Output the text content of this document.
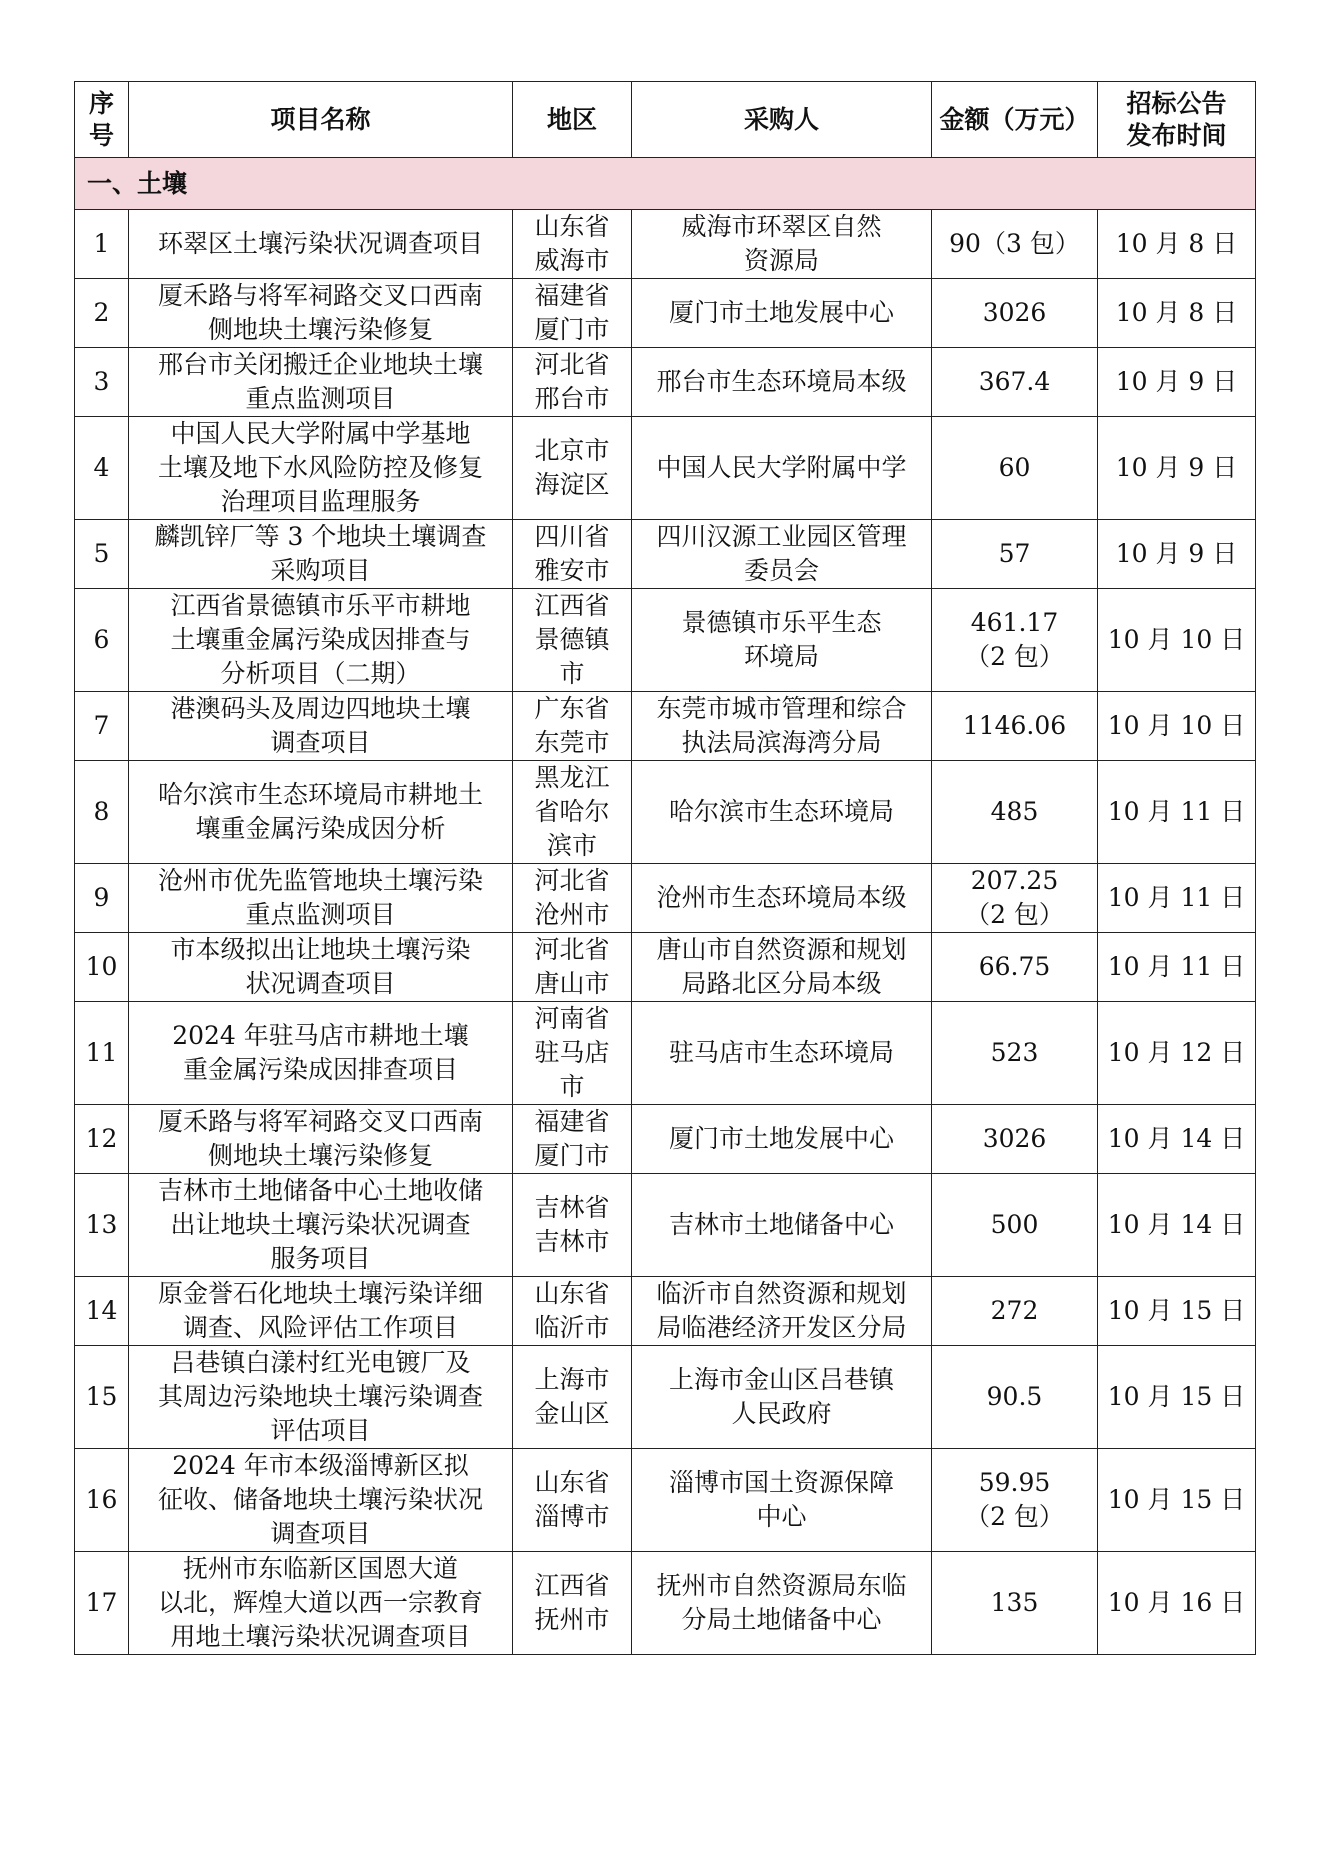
序
号	项目名称	地区	采购人	金额（万元）	招标公告
发布时间
一、土壤					
1	环翠区土壤污染状况调查项目	山东省
威海市	威海市环翠区自然
资源局	90（3 包）	10 月 8 日
2	厦禾路与将军祠路交叉口西南
侧地块土壤污染修复	福建省
厦门市	厦门市土地发展中心	3026	10 月 8 日
3	邢台市关闭搬迁企业地块土壤
重点监测项目	河北省
邢台市	邢台市生态环境局本级	367.4	10 月 9 日
4	中国人民大学附属中学基地
土壤及地下水风险防控及修复
治理项目监理服务	北京市
海淀区	中国人民大学附属中学	60	10 月 9 日
5	麟凯锌厂等 3 个地块土壤调查
采购项目	四川省
雅安市	四川汉源工业园区管理
委员会	57	10 月 9 日
6	江西省景德镇市乐平市耕地
土壤重金属污染成因排查与
分析项目（二期）	江西省
景德镇
市	景德镇市乐平生态
环境局	461.17
（2 包）	10 月 10 日
7	港澳码头及周边四地块土壤
调查项目	广东省
东莞市	东莞市城市管理和综合
执法局滨海湾分局	1146.06	10 月 10 日
8	哈尔滨市生态环境局市耕地土
壤重金属污染成因分析	黑龙江
省哈尔
滨市	哈尔滨市生态环境局	485	10 月 11 日
9	沧州市优先监管地块土壤污染
重点监测项目	河北省
沧州市	沧州市生态环境局本级	207.25
（2 包）	10 月 11 日
10	市本级拟出让地块土壤污染
状况调查项目	河北省
唐山市	唐山市自然资源和规划
局路北区分局本级	66.75	10 月 11 日
11	2024 年驻马店市耕地土壤
重金属污染成因排查项目	河南省
驻马店
市	驻马店市生态环境局	523	10 月 12 日
12	厦禾路与将军祠路交叉口西南
侧地块土壤污染修复	福建省
厦门市	厦门市土地发展中心	3026	10 月 14 日
13	吉林市土地储备中心土地收储
出让地块土壤污染状况调查
服务项目	吉林省
吉林市	吉林市土地储备中心	500	10 月 14 日
14	原金誉石化地块土壤污染详细
调查、风险评估工作项目	山东省
临沂市	临沂市自然资源和规划
局临港经济开发区分局	272	10 月 15 日
15	吕巷镇白漾村红光电镀厂及
其周边污染地块土壤污染调查
评估项目	上海市
金山区	上海市金山区吕巷镇
人民政府	90.5	10 月 15 日
16	2024 年市本级淄博新区拟
征收、储备地块土壤污染状况
调查项目	山东省
淄博市	淄博市国土资源保障
中心	59.95
（2 包）	10 月 15 日
17	抚州市东临新区国恩大道
以北，辉煌大道以西一宗教育
用地土壤污染状况调查项目	江西省
抚州市	抚州市自然资源局东临
分局土地储备中心	135	10 月 16 日
